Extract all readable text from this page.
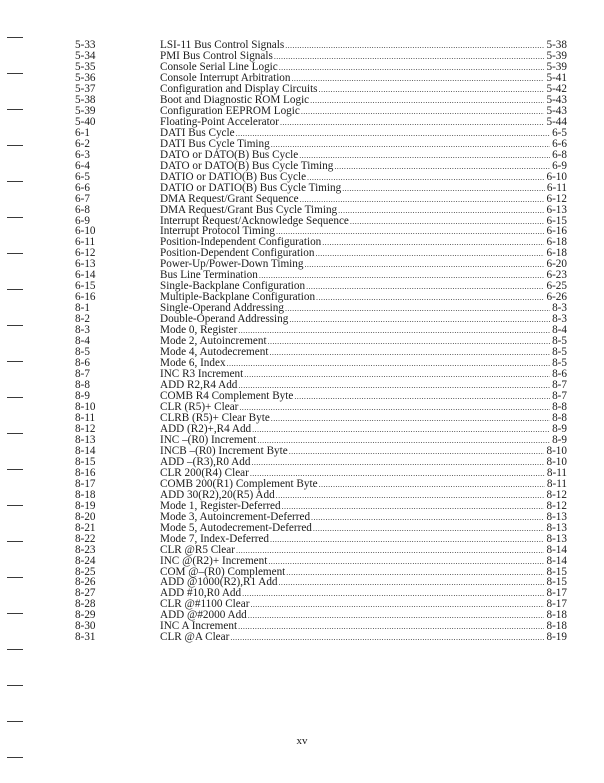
5-33	LSI-11 Bus Control Signals .....	5-38
5-34	PMI Bus Control Signals .....	5-39
5-35	Console Serial Line Logic .....	5-39
5-36	Console Interrupt Arbitration .....	5-41
5-37	Configuration and Display Circuits .....	5-42
5-38	Boot and Diagnostic ROM Logic .....	5-43
5-39	Configuration EEPROM Logic .....	5-43
5-40	Floating-Point Accelerator .....	5-44
6-1	DATI Bus Cycle .....	6-5
6-2	DATI Bus Cycle Timing .....	6-6
6-3	DATO or DATO(B) Bus Cycle .....	6-8
6-4	DATO or DATO(B) Bus Cycle Timing .....	6-9
6-5	DATIO or DATIO(B) Bus Cycle .....	6-10
6-6	DATIO or DATIO(B) Bus Cycle Timing .....	6-11
6-7	DMA Request/Grant Sequence .....	6-12
6-8	DMA Request/Grant Bus Cycle Timing .....	6-13
6-9	Interrupt Request/Acknowledge Sequence .....	6-15
6-10	Interrupt Protocol Timing .....	6-16
6-11	Position-Independent Configuration .....	6-18
6-12	Position-Dependent Configuration .....	6-18
6-13	Power-Up/Power-Down Timing .....	6-20
6-14	Bus Line Termination .....	6-23
6-15	Single-Backplane Configuration .....	6-25
6-16	Multiple-Backplane Configuration .....	6-26
8-1	Single-Operand Addressing .....	8-3
8-2	Double-Operand Addressing .....	8-3
8-3	Mode 0, Register .....	8-4
8-4	Mode 2, Autoincrement .....	8-5
8-5	Mode 4, Autodecrement .....	8-5
8-6	Mode 6, Index .....	8-5
8-7	INC R3 Increment .....	8-6
8-8	ADD R2,R4 Add .....	8-7
8-9	COMB R4 Complement Byte .....	8-7
8-10	CLR (R5)+ Clear .....	8-8
8-11	CLRB (R5)+ Clear Byte .....	8-8
8-12	ADD (R2)+,R4 Add .....	8-9
8-13	INC –(R0) Increment .....	8-9
8-14	INCB –(R0) Increment Byte .....	8-10
8-15	ADD –(R3),R0 Add .....	8-10
8-16	CLR 200(R4) Clear .....	8-11
8-17	COMB 200(R1) Complement Byte .....	8-11
8-18	ADD 30(R2),20(R5) Add .....	8-12
8-19	Mode 1, Register-Deferred .....	8-12
8-20	Mode 3, Autoincrement-Deferred .....	8-13
8-21	Mode 5, Autodecrement-Deferred .....	8-13
8-22	Mode 7, Index-Deferred .....	8-13
8-23	CLR @R5 Clear .....	8-14
8-24	INC @(R2)+ Increment .....	8-14
8-25	COM @–(R0) Complement .....	8-15
8-26	ADD @1000(R2),R1 Add .....	8-15
8-27	ADD #10,R0 Add .....	8-17
8-28	CLR @#1100 Clear .....	8-17
8-29	ADD @#2000 Add .....	8-18
8-30	INC A Increment .....	8-18
8-31	CLR @A Clear .....	8-19
xv
